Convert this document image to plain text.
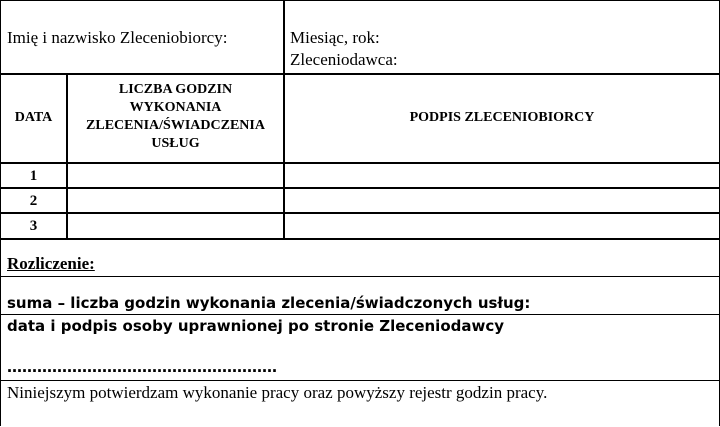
Imię i nazwisko Zleceniobiorcy:	Miesiąc, rok:
Zleceniodawca:
DATA
LICZBA GODZIN
WYKONANIA
ZLECENIA/ŚWIADCZENIA
USŁUG
PODPIS ZLECENIOBIORCY
1
2
3
Rozliczenie:
suma – liczba godzin wykonania zlecenia/świadczonych usług:
data i podpis osoby uprawnionej po stronie Zleceniodawcy
………………………………………………
Niniejszym potwierdzam wykonanie pracy oraz powyższy rejestr godzin pracy.
